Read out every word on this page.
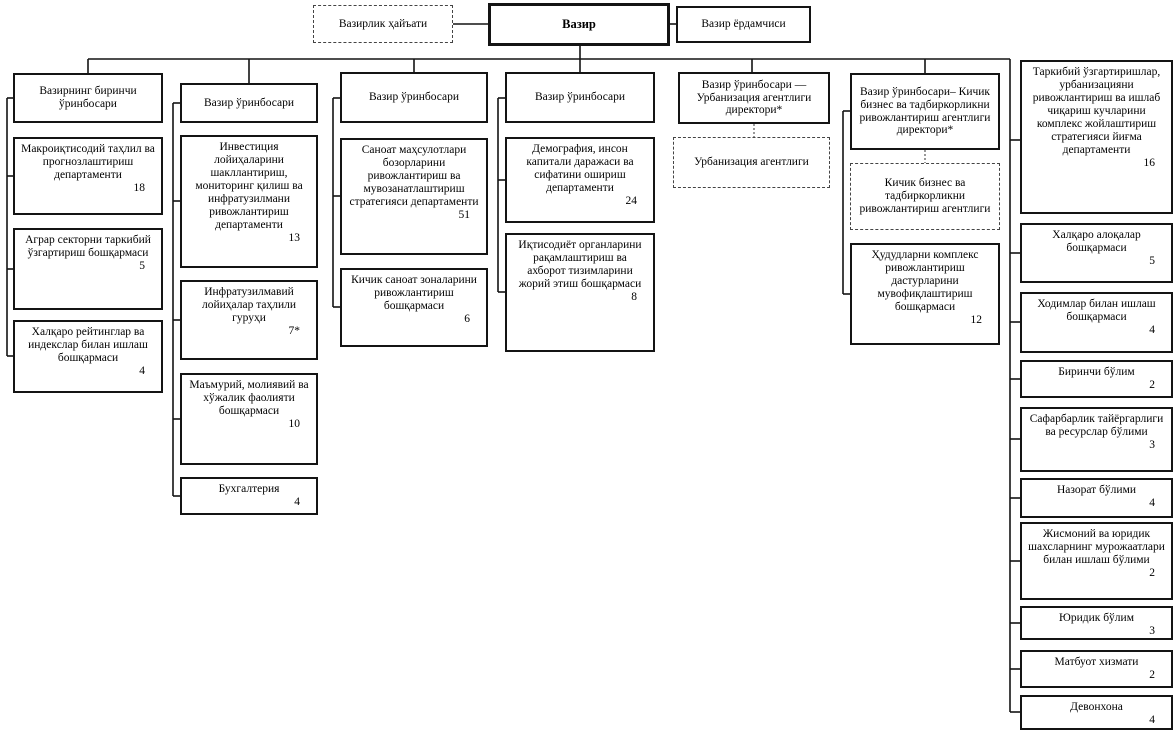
Вазирлик ҳайъати	Вазир	Вазир ёрдамчиси
Вазирнинг биринчи ўринбосари
Макроиқтисодий таҳлил ва прогнозлаштириш департаменти
18
Аграр секторни таркибий ўзгартириш бошқармаси
5
Халқаро рейтинглар ва индекслар билан ишлаш бошқармаси
4
Вазир ўринбосари
Инвестиция лойиҳаларини шакллантириш, мониторинг қилиш ва инфратузилмани ривожлантириш департаменти
13
Инфратузилмавий лойиҳалар таҳлили гуруҳи
7*
Маъмурий, молиявий ва хўжалик фаолияти бошқармаси
10
Бухгалтерия
4
Вазир ўринбосари
Саноат маҳсулотлари бозорларини ривожлантириш ва мувозанатлаштириш стратегияси департаменти
51
Кичик саноат зоналарини ривожлантириш бошқармаси
6
Вазир ўринбосари
Демография, инсон капитали даражаси ва сифатини ошириш департаменти
24
Иқтисодиёт органларини рақамлаштириш ва ахборот тизимларини жорий этиш бошқармаси
8
Вазир ўринбосари — Урбанизация агентлиги директори*
Урбанизация агентлиги
Вазир ўринбосари– Кичик бизнес ва тадбиркорликни ривожлантириш агентлиги директори*
Кичик бизнес ва тадбиркорликни ривожлантириш агентлиги
Ҳудудларни комплекс ривожлантириш дастурларини мувофиқлаштириш бошқармаси
12
Таркибий ўзгартиришлар, урбанизацияни ривожлантириш ва ишлаб чиқариш кучларини комплекс жойлаштириш стратегияси йиғма департаменти
16
Халқаро алоқалар бошқармаси
5
Ходимлар билан ишлаш бошқармаси
4
Биринчи бўлим
2
Сафарбарлик тайёргарлиги ва ресурслар бўлими
3
Назорат бўлими
4
Жисмоний ва юридик шахсларнинг мурожаатлари билан ишлаш бўлими
2
Юридик бўлим
3
Матбуот хизмати
2
Девонхона
4
